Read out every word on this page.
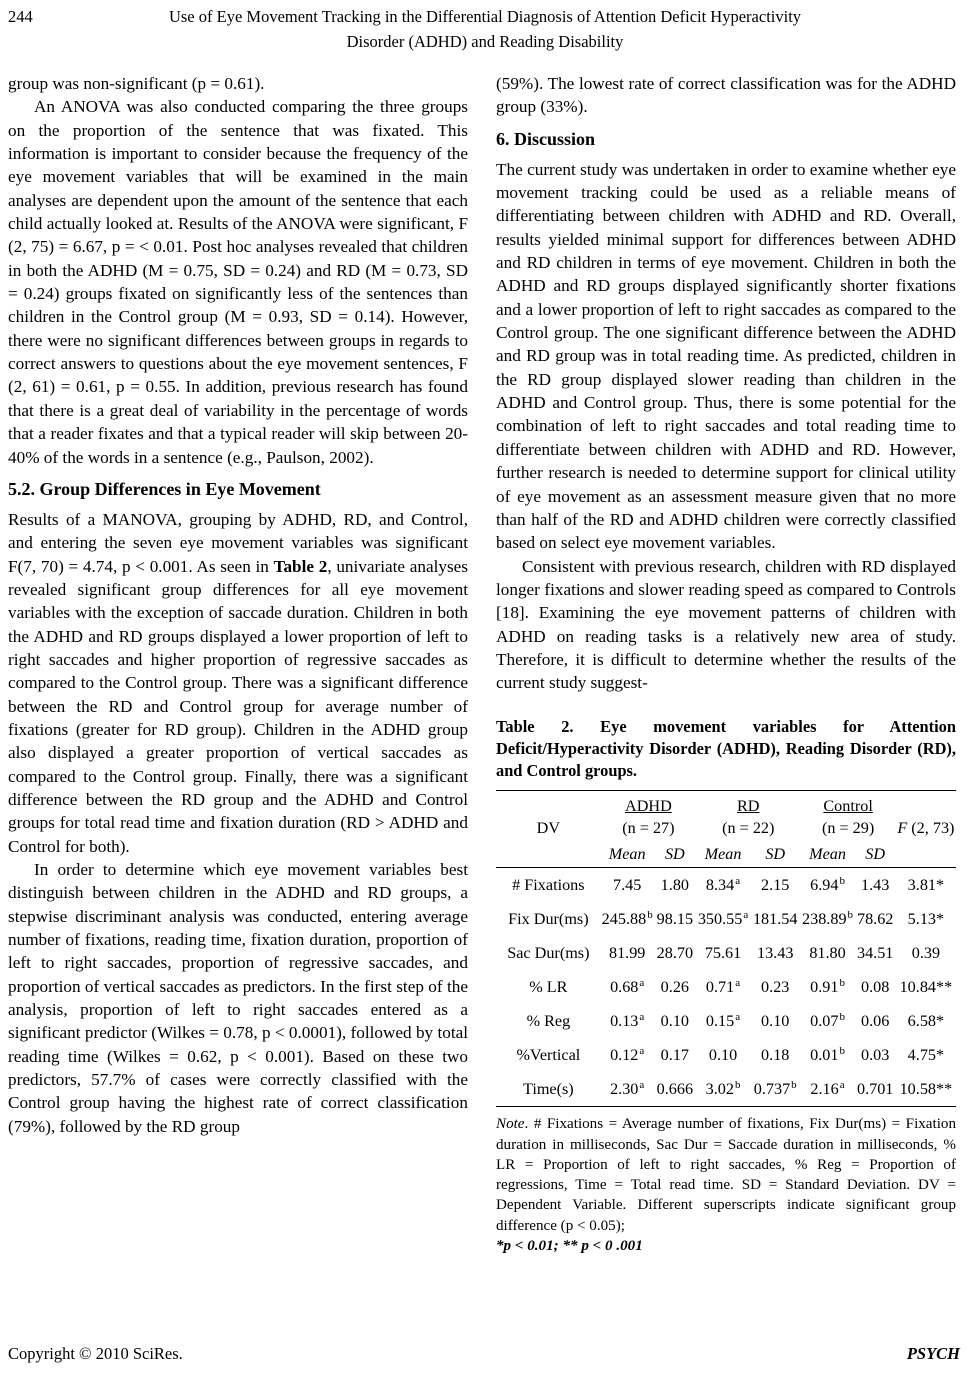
244	Use of Eye Movement Tracking in the Differential Diagnosis of Attention Deficit Hyperactivity
Disorder (ADHD) and Reading Disability

group was non-significant (p = 0.61).

An ANOVA was also conducted comparing the three groups on the proportion of the sentence that was fixated. This information is important to consider because the frequency of the eye movement variables that will be examined in the main analyses are dependent upon the amount of the sentence that each child actually looked at. Results of the ANOVA were significant, F (2, 75) = 6.67, p = < 0.01. Post hoc analyses revealed that children in both the ADHD (M = 0.75, SD = 0.24) and RD (M = 0.73, SD = 0.24) groups fixated on significantly less of the sentences than children in the Control group (M = 0.93, SD = 0.14). However, there were no significant differences between groups in regards to correct answers to questions about the eye movement sentences, F (2, 61) = 0.61, p = 0.55. In addition, previous research has found that there is a great deal of variability in the percentage of words that a reader fixates and that a typical reader will skip between 20-40% of the words in a sentence (e.g., Paulson, 2002).

5.2. Group Differences in Eye Movement

Results of a MANOVA, grouping by ADHD, RD, and Control, and entering the seven eye movement variables was significant F(7, 70) = 4.74, p < 0.001. As seen in Table 2, univariate analyses revealed significant group differences for all eye movement variables with the exception of saccade duration. Children in both the ADHD and RD groups displayed a lower proportion of left to right saccades and higher proportion of regressive saccades as compared to the Control group. There was a significant difference between the RD and Control group for average number of fixations (greater for RD group). Children in the ADHD group also displayed a greater proportion of vertical saccades as compared to the Control group. Finally, there was a significant difference between the RD group and the ADHD and Control groups for total read time and fixation duration (RD > ADHD and Control for both).

In order to determine which eye movement variables best distinguish between children in the ADHD and RD groups, a stepwise discriminant analysis was conducted, entering average number of fixations, reading time, fixation duration, proportion of left to right saccades, proportion of regressive saccades, and proportion of vertical saccades as predictors. In the first step of the analysis, proportion of left to right saccades entered as a significant predictor (Wilkes = 0.78, p < 0.0001), followed by total reading time (Wilkes = 0.62, p < 0.001). Based on these two predictors, 57.7% of cases were correctly classified with the Control group having the highest rate of correct classification (79%), followed by the RD group

(59%). The lowest rate of correct classification was for the ADHD group (33%).

6. Discussion

The current study was undertaken in order to examine whether eye movement tracking could be used as a reliable means of differentiating between children with ADHD and RD. Overall, results yielded minimal support for differences between ADHD and RD children in terms of eye movement. Children in both the ADHD and RD groups displayed significantly shorter fixations and a lower proportion of left to right saccades as compared to the Control group. The one significant difference between the ADHD and RD group was in total reading time. As predicted, children in the RD group displayed slower reading than children in the ADHD and Control group. Thus, there is some potential for the combination of left to right saccades and total reading time to differentiate between children with ADHD and RD. However, further research is needed to determine support for clinical utility of eye movement as an assessment measure given that no more than half of the RD and ADHD children were correctly classified based on select eye movement variables.

Consistent with previous research, children with RD displayed longer fixations and slower reading speed as compared to Controls [18]. Examining the eye movement patterns of children with ADHD on reading tasks is a relatively new area of study. Therefore, it is difficult to determine whether the results of the current study suggest-

Table 2. Eye movement variables for Attention Deficit/Hyperactivity Disorder (ADHD), Reading Disorder (RD), and Control groups.
	ADHD		RD		Control		
DV	(n = 27)		(n = 22)		(n = 29)		F (2, 73)
	Mean	SD	Mean	SD	Mean	SD	
# Fixations	7.45	1.80	8.34$^a$	2.15	6.94$^b$	1.43	3.81*
Fix Dur(ms)	245.88$^b$	98.15	350.55$^a$	181.54	238.89$^b$	78.62	5.13*
Sac Dur(ms)	81.99	28.70	75.61	13.43	81.80	34.51	0.39
% LR	0.68$^a$	0.26	0.71$^a$	0.23	0.91$^b$	0.08	10.84**
% Reg	0.13$^a$	0.10	0.15$^a$	0.10	0.07$^b$	0.06	6.58*
%Vertical	0.12$^a$	0.17	0.10	0.18	0.01$^b$	0.03	4.75*
Time(s)	2.30$^a$	0.666	3.02$^b$	0.737$^b$	2.16$^a$	0.701	10.58**

Note. # Fixations = Average number of fixations, Fix Dur(ms) = Fixation duration in milliseconds, Sac Dur = Saccade duration in milliseconds, % LR = Proportion of left to right saccades, % Reg = Proportion of regressions, Time = Total read time. SD = Standard Deviation. DV = Dependent Variable. Different superscripts indicate significant group difference (p < 0.05);

*p < 0.01; ** p < 0 .001

Copyright © 2010 SciRes.	PSYCH
